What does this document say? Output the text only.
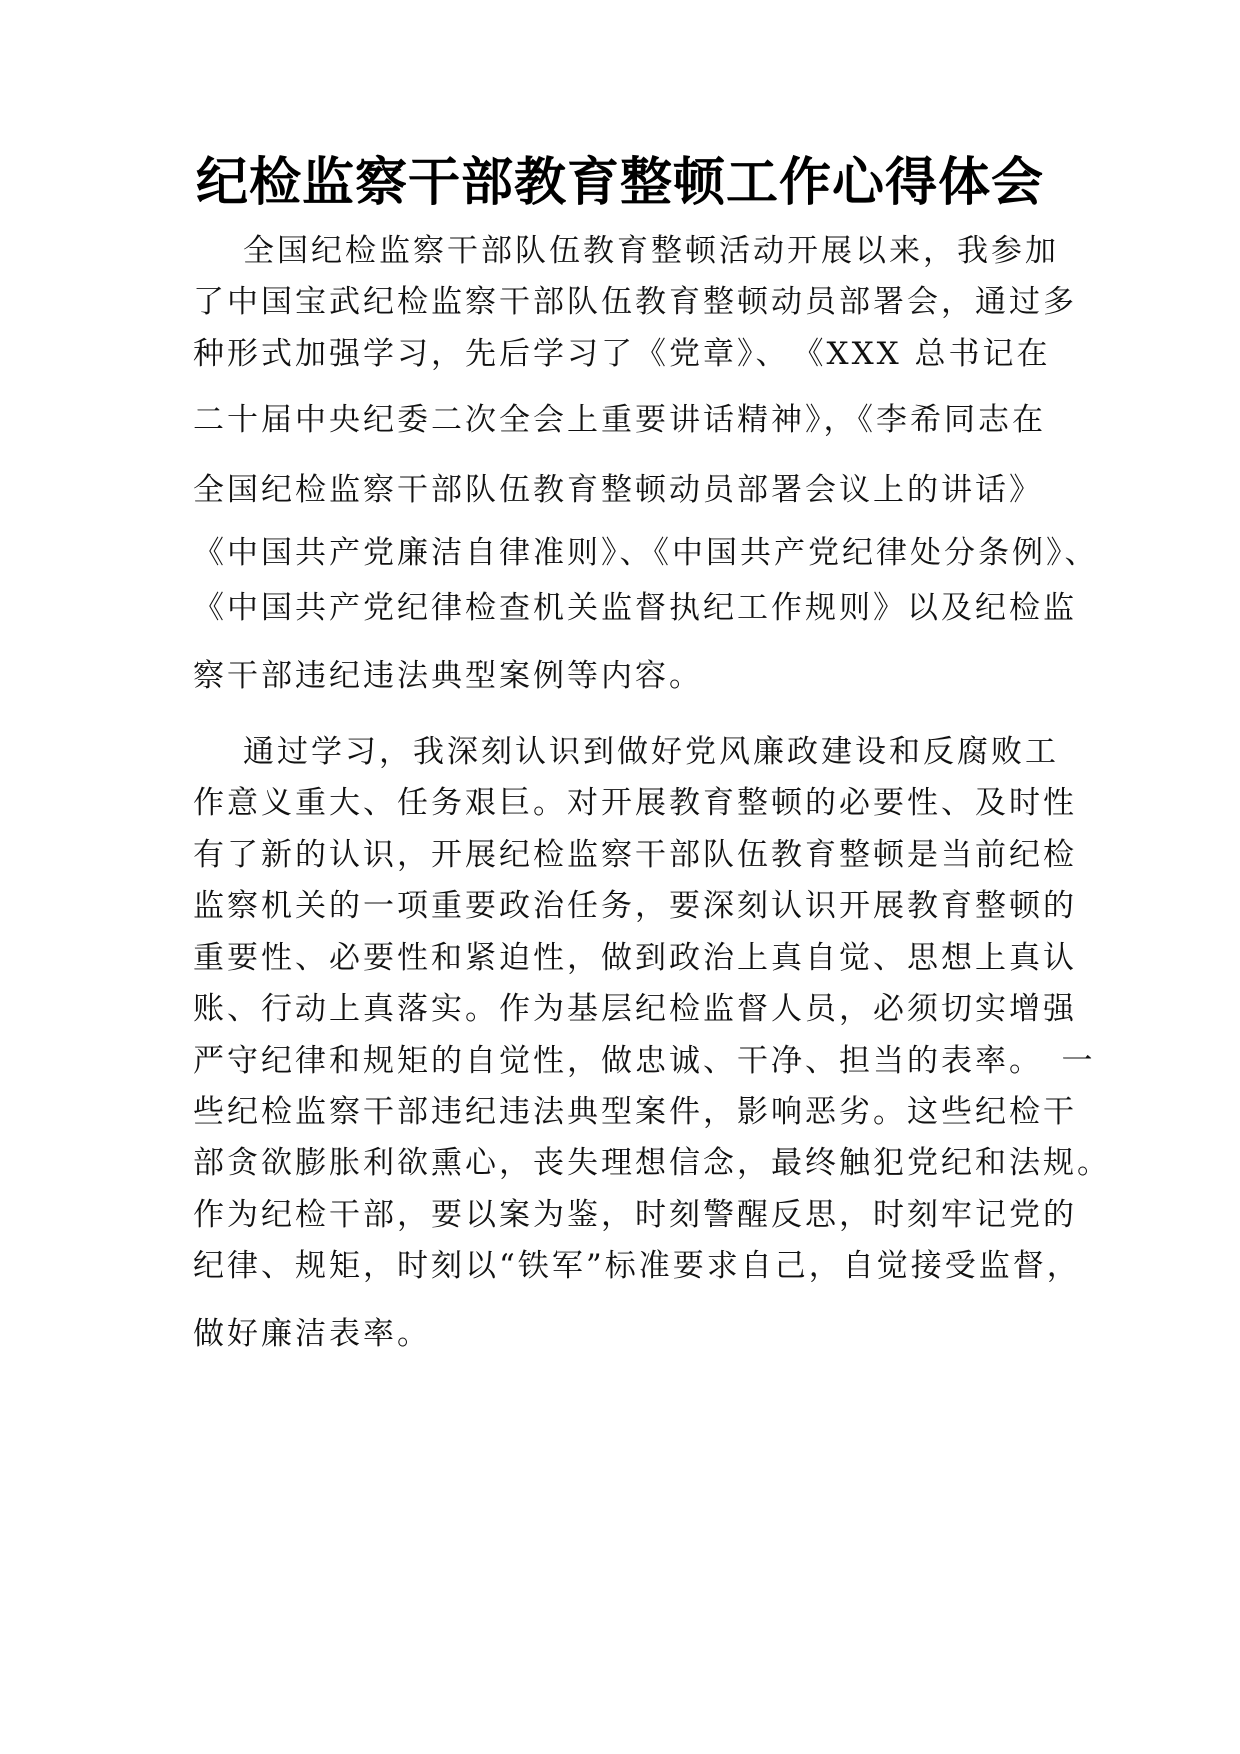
纪检监察干部教育整顿工作心得体会
全国纪检监察干部队伍教育整顿活动开展以来，我参加
了中国宝武纪检监察干部队伍教育整顿动员部署会，通过多
种形式加强学习，先后学习了《党章》、　《XXX 总书记在
二十届中央纪委二次全会上重要讲话精神》，《李希同志在
全国纪检监察干部队伍教育整顿动员部署会议上的讲话》
《中国共产党廉洁自律准则》、《中国共产党纪律处分条例》、
《中国共产党纪律检查机关监督执纪工作规则》以及纪检监
察干部违纪违法典型案例等内容。
通过学习，我深刻认识到做好党风廉政建设和反腐败工
作意义重大、任务艰巨。对开展教育整顿的必要性、及时性
有了新的认识，开展纪检监察干部队伍教育整顿是当前纪检
监察机关的一项重要政治任务，要深刻认识开展教育整顿的
重要性、必要性和紧迫性，做到政治上真自觉、思想上真认
账、行动上真落实。作为基层纪检监督人员，必须切实增强
严守纪律和规矩的自觉性，做忠诚、干净、担当的表率。　一
些纪检监察干部违纪违法典型案件，影响恶劣。这些纪检干
部贪欲膨胀利欲熏心，丧失理想信念，最终触犯党纪和法规。
作为纪检干部，要以案为鉴，时刻警醒反思，时刻牢记党的
纪律、规矩，时刻以“铁军”标准要求自己，自觉接受监督，
做好廉洁表率。
